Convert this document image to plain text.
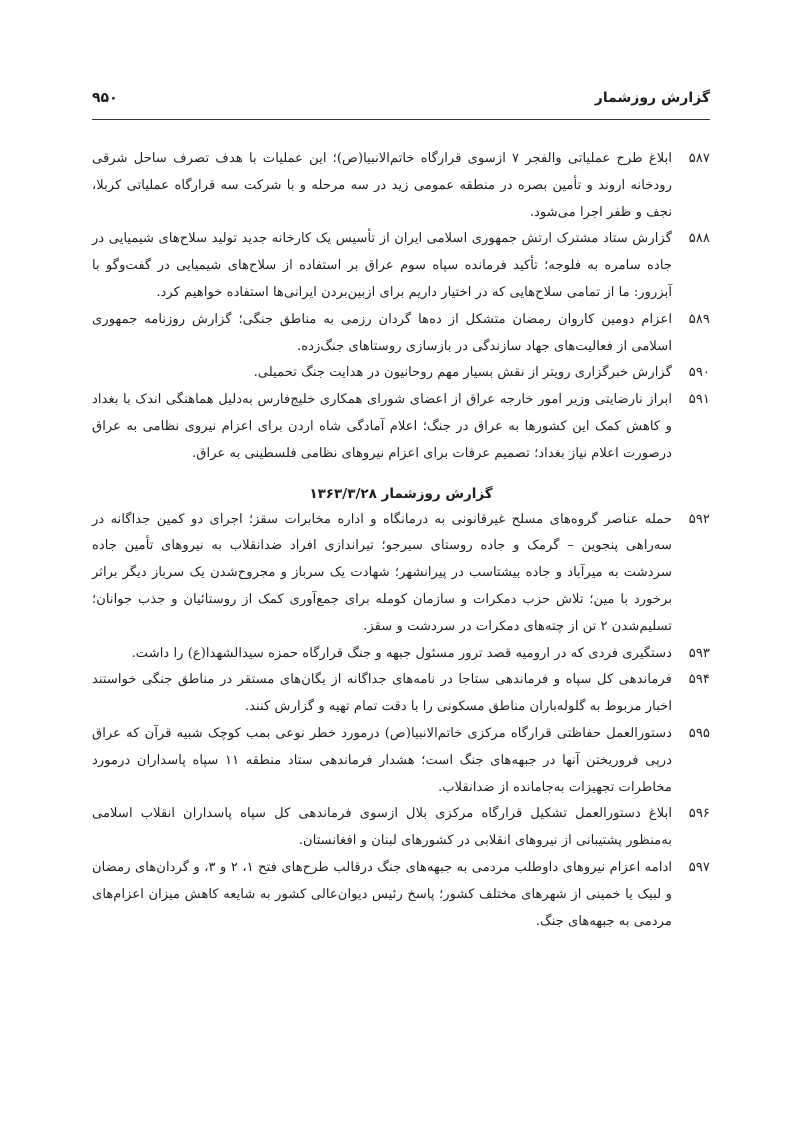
گزارش روزشمار
۹۵۰
۵۸۷
ابلاغ طرح عملیاتی والفجر ۷ ازسوی قرارگاه خاتم‌الانبیا(ص)؛ این عملیات با هدف تصرف ساحل شرقی رودخانه اروند و تأمین بصره در منطقه عمومی زید در سه مرحله و با شرکت سه قرارگاه عملیاتی کربلا، نجف و ظفر اجرا می‌شود.
۵۸۸
گزارش ستاد مشترک ارتش جمهوری اسلامی ایران از تأسیس یک کارخانه جدید تولید سلاح‌های شیمیایی در جاده سامره به فلوجه؛ تأکید فرمانده سپاه سوم عراق بر استفاده از سلاح‌های شیمیایی در گفت‌وگو با آبزرور: ما از تمامی سلاح‌هایی که در اختیار داریم برای ازبین‌بردن ایرانی‌ها استفاده خواهیم کرد.
۵۸۹
اعزام دومین کاروان رمضان متشکل از ده‌ها گردان رزمی به مناطق جنگی؛ گزارش روزنامه جمهوری اسلامی از فعالیت‌های جهاد سازندگی در بازسازی روستاهای جنگ‌زده.
۵۹۰
گزارش خبرگزاری رویتر از نقش بسیار مهم روحانیون در هدایت جنگ تحمیلی.
۵۹۱
ابراز نارضایتی وزیر امور خارجه عراق از اعضای شورای همکاری خلیج‌فارس به‌دلیل هماهنگی اندک با بغداد و کاهش کمک این کشورها به عراق در جنگ؛ اعلام آمادگی شاه اردن برای اعزام نیروی نظامی به عراق درصورت اعلام نیاز بغداد؛ تصمیم عرفات برای اعزام نیروهای نظامی فلسطینی به عراق.
گزارش روزشمار ۱۳۶۳/۳/۲۸
۵۹۲
حمله عناصر گروه‌های مسلح غیرقانونی به درمانگاه و اداره مخابرات سقز؛ اجرای دو کمین جداگانه در سه‌راهی پنجوین – گرمک و جاده روستای سیرجو؛ تیراندازی افراد ضدانقلاب به نیروهای تأمین جاده سردشت به میرآباد و جاده بیشتاسب در پیرانشهر؛ شهادت یک سرباز و مجروح‌شدن یک سرباز دیگر براثر برخورد با مین؛ تلاش حزب دمکرات و سازمان کومله برای جمع‌آوری کمک از روستائیان و جذب جوانان؛ تسلیم‌شدن ۲ تن از چته‌های دمکرات در سردشت و سقز.
۵۹۳
دستگیری فردی که در ارومیه قصد ترور مسئول جبهه و جنگ قرارگاه حمزه سیدالشهدا(ع) را داشت.
۵۹۴
فرماندهی کل سپاه و فرماندهی ستاجا در نامه‌های جداگانه از یگان‌های مستقر در مناطق جنگی خواستند اخبار مربوط به گلوله‌باران مناطق مسکونی را با دقت تمام تهیه و گزارش کنند.
۵۹۵
دستورالعمل حفاظتی قرارگاه مرکزی خاتم‌الانبیا(ص) درمورد خطر نوعی بمب کوچک شبیه قرآن که عراق درپی فروریختن آنها در جبهه‌های جنگ است؛ هشدار فرماندهی ستاد منطقه ۱۱ سپاه پاسداران درمورد مخاطرات تجهیزات به‌جامانده از ضدانقلاب.
۵۹۶
ابلاغ دستورالعمل تشکیل قرارگاه مرکزی بلال ازسوی فرماندهی کل سپاه پاسداران انقلاب اسلامی به‌منظور پشتیبانی از نیروهای انقلابی در کشورهای لبنان و افغانستان.
۵۹۷
ادامه اعزام نیروهای داوطلب مردمی به جبهه‌های جنگ درقالب طرح‌های فتح ۱، ۲ و ۳، و گردان‌های رمضان و لبیک یا خمینی از شهرهای مختلف کشور؛ پاسخ رئیس دیوان‌عالی کشور به شایعه کاهش میزان اعزام‌های مردمی به جبهه‌های جنگ.
